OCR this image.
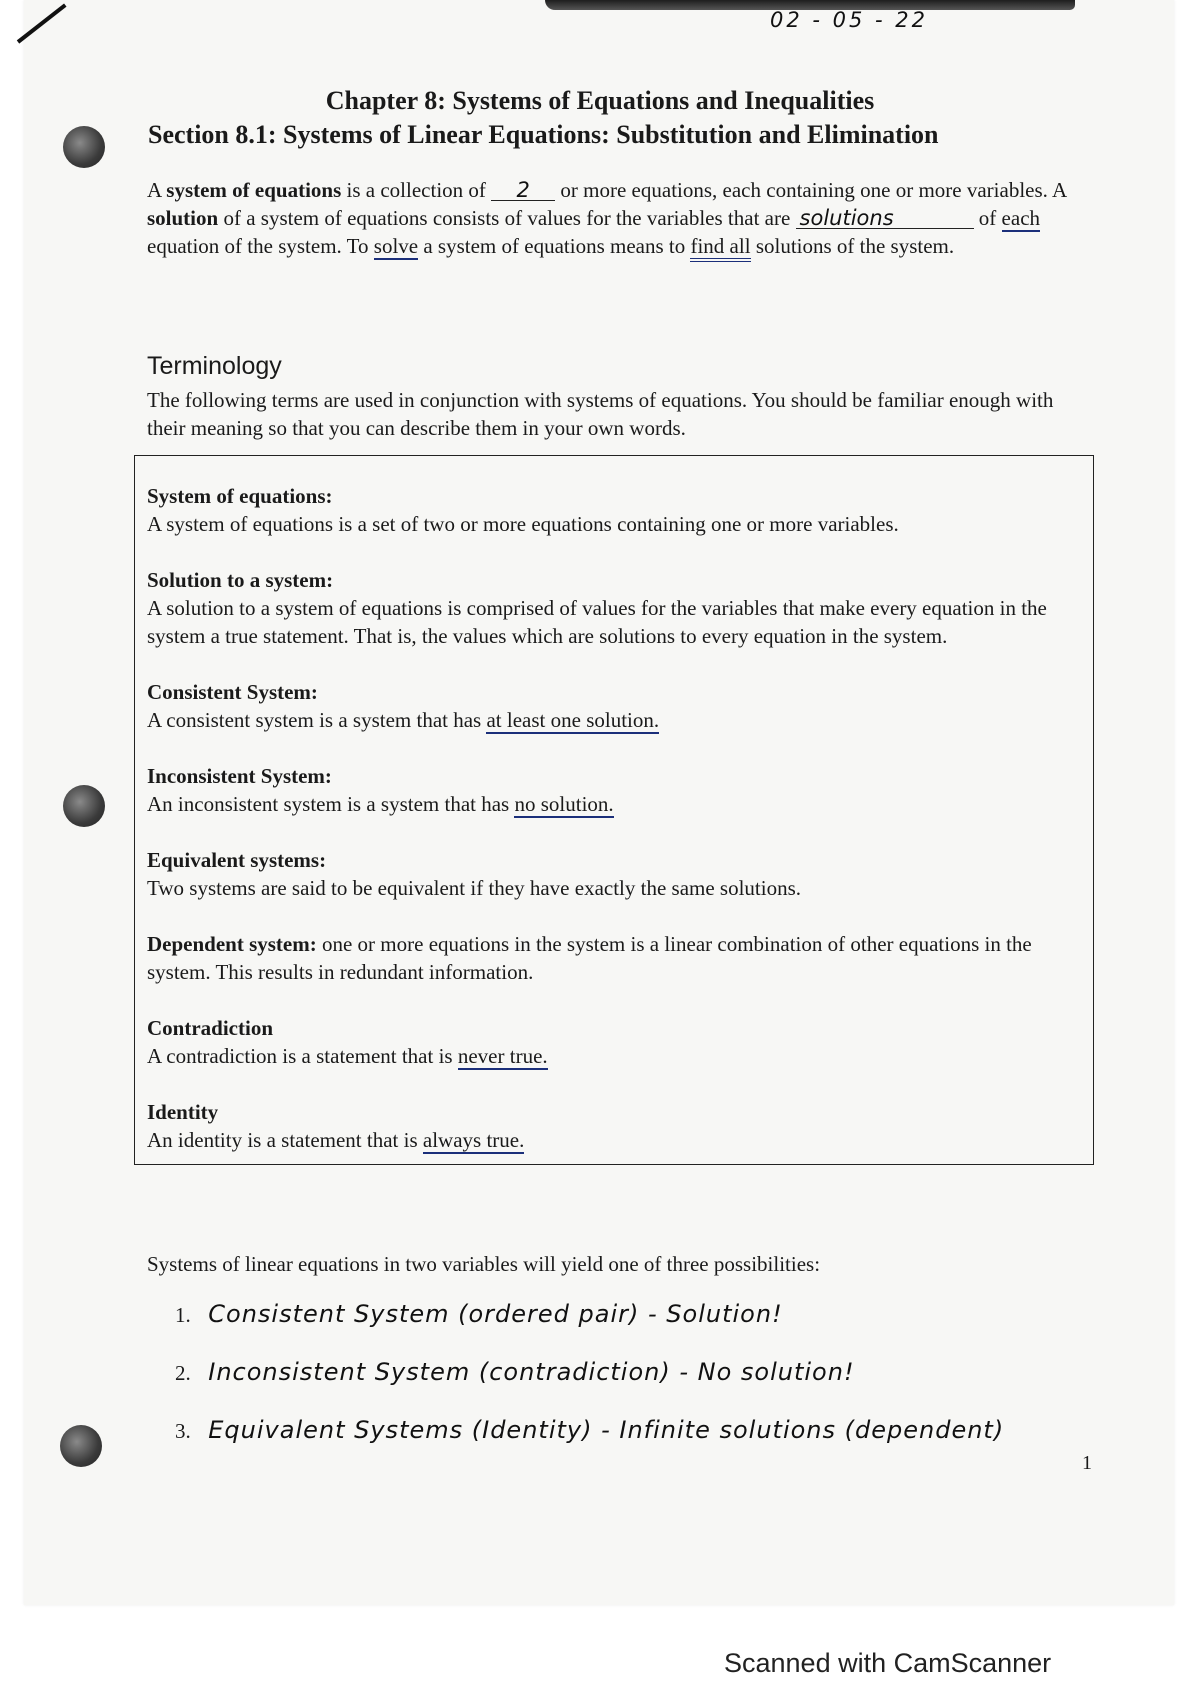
02 - 05 - 22
Chapter 8: Systems of Equations and Inequalities
Section 8.1: Systems of Linear Equations: Substitution and Elimination
A system of equations is a collection of 2 or more equations, each containing one or more variables. A solution of a system of equations consists of values for the variables that are solutions	of each equation of the system. To solve a system of equations means to find all solutions of the system.
Terminology
The following terms are used in conjunction with systems of equations. You should be familiar enough with their meaning so that you can describe them in your own words.
System of equations:
A system of equations is a set of two or more equations containing one or more variables.
Solution to a system:
A solution to a system of equations is comprised of values for the variables that make every equation in the system a true statement. That is, the values which are solutions to every equation in the system.
Consistent System:
A consistent system is a system that has at least one solution.
Inconsistent System:
An inconsistent system is a system that has no solution.
Equivalent systems:
Two systems are said to be equivalent if they have exactly the same solutions.
Dependent system: one or more equations in the system is a linear combination of other equations in the system. This results in redundant information.
Contradiction
A contradiction is a statement that is never true.
Identity
An identity is a statement that is always true.
Systems of linear equations in two variables will yield one of three possibilities:
1. Consistent System (ordered pair) - Solution!
2. Inconsistent System (contradiction) - No solution!
3. Equivalent Systems (Identity) - Infinite solutions (dependent)
1
Scanned with CamScanner
